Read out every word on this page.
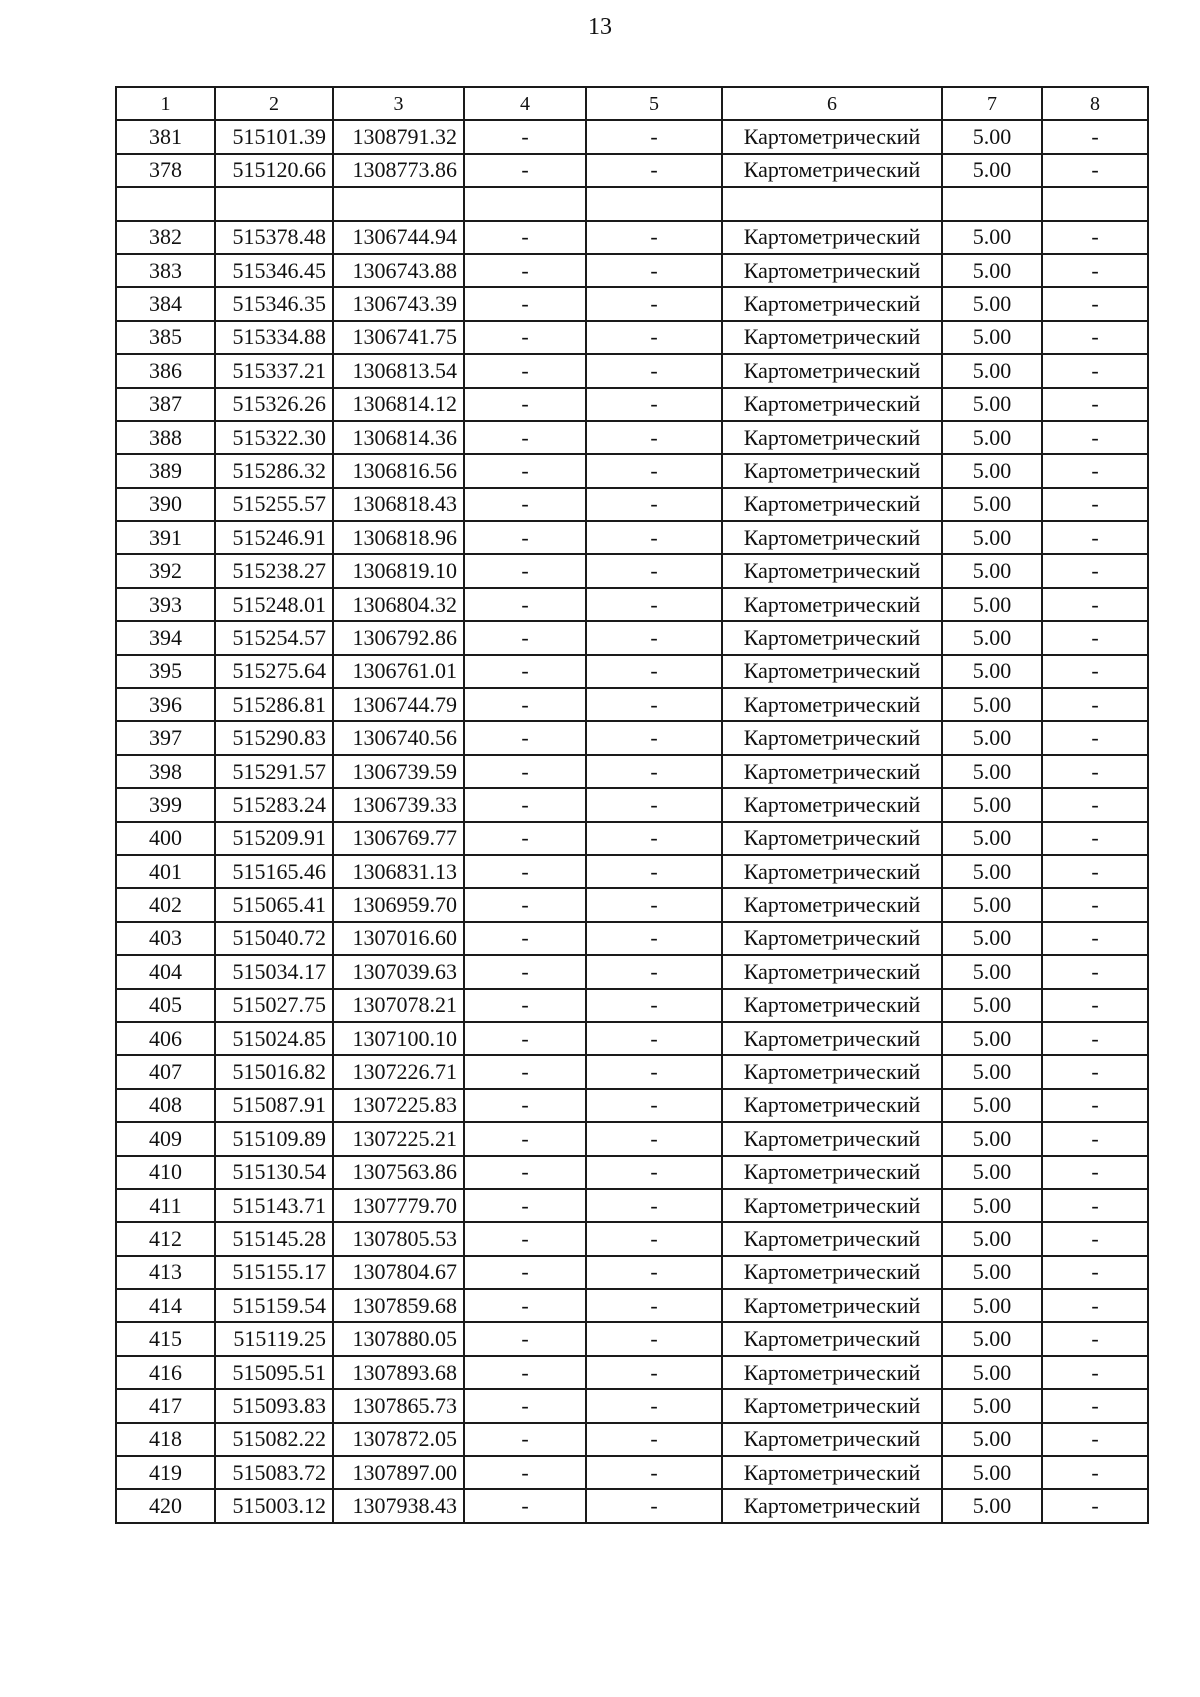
13
1	2	3	4	5	6	7	8
381	515101.39	1308791.32	-	-	Картометрический	5.00	-
378	515120.66	1308773.86	-	-	Картометрический	5.00	-

382	515378.48	1306744.94	-	-	Картометрический	5.00	-
383	515346.45	1306743.88	-	-	Картометрический	5.00	-
384	515346.35	1306743.39	-	-	Картометрический	5.00	-
385	515334.88	1306741.75	-	-	Картометрический	5.00	-
386	515337.21	1306813.54	-	-	Картометрический	5.00	-
387	515326.26	1306814.12	-	-	Картометрический	5.00	-
388	515322.30	1306814.36	-	-	Картометрический	5.00	-
389	515286.32	1306816.56	-	-	Картометрический	5.00	-
390	515255.57	1306818.43	-	-	Картометрический	5.00	-
391	515246.91	1306818.96	-	-	Картометрический	5.00	-
392	515238.27	1306819.10	-	-	Картометрический	5.00	-
393	515248.01	1306804.32	-	-	Картометрический	5.00	-
394	515254.57	1306792.86	-	-	Картометрический	5.00	-
395	515275.64	1306761.01	-	-	Картометрический	5.00	-
396	515286.81	1306744.79	-	-	Картометрический	5.00	-
397	515290.83	1306740.56	-	-	Картометрический	5.00	-
398	515291.57	1306739.59	-	-	Картометрический	5.00	-
399	515283.24	1306739.33	-	-	Картометрический	5.00	-
400	515209.91	1306769.77	-	-	Картометрический	5.00	-
401	515165.46	1306831.13	-	-	Картометрический	5.00	-
402	515065.41	1306959.70	-	-	Картометрический	5.00	-
403	515040.72	1307016.60	-	-	Картометрический	5.00	-
404	515034.17	1307039.63	-	-	Картометрический	5.00	-
405	515027.75	1307078.21	-	-	Картометрический	5.00	-
406	515024.85	1307100.10	-	-	Картометрический	5.00	-
407	515016.82	1307226.71	-	-	Картометрический	5.00	-
408	515087.91	1307225.83	-	-	Картометрический	5.00	-
409	515109.89	1307225.21	-	-	Картометрический	5.00	-
410	515130.54	1307563.86	-	-	Картометрический	5.00	-
411	515143.71	1307779.70	-	-	Картометрический	5.00	-
412	515145.28	1307805.53	-	-	Картометрический	5.00	-
413	515155.17	1307804.67	-	-	Картометрический	5.00	-
414	515159.54	1307859.68	-	-	Картометрический	5.00	-
415	515119.25	1307880.05	-	-	Картометрический	5.00	-
416	515095.51	1307893.68	-	-	Картометрический	5.00	-
417	515093.83	1307865.73	-	-	Картометрический	5.00	-
418	515082.22	1307872.05	-	-	Картометрический	5.00	-
419	515083.72	1307897.00	-	-	Картометрический	5.00	-
420	515003.12	1307938.43	-	-	Картометрический	5.00	-
